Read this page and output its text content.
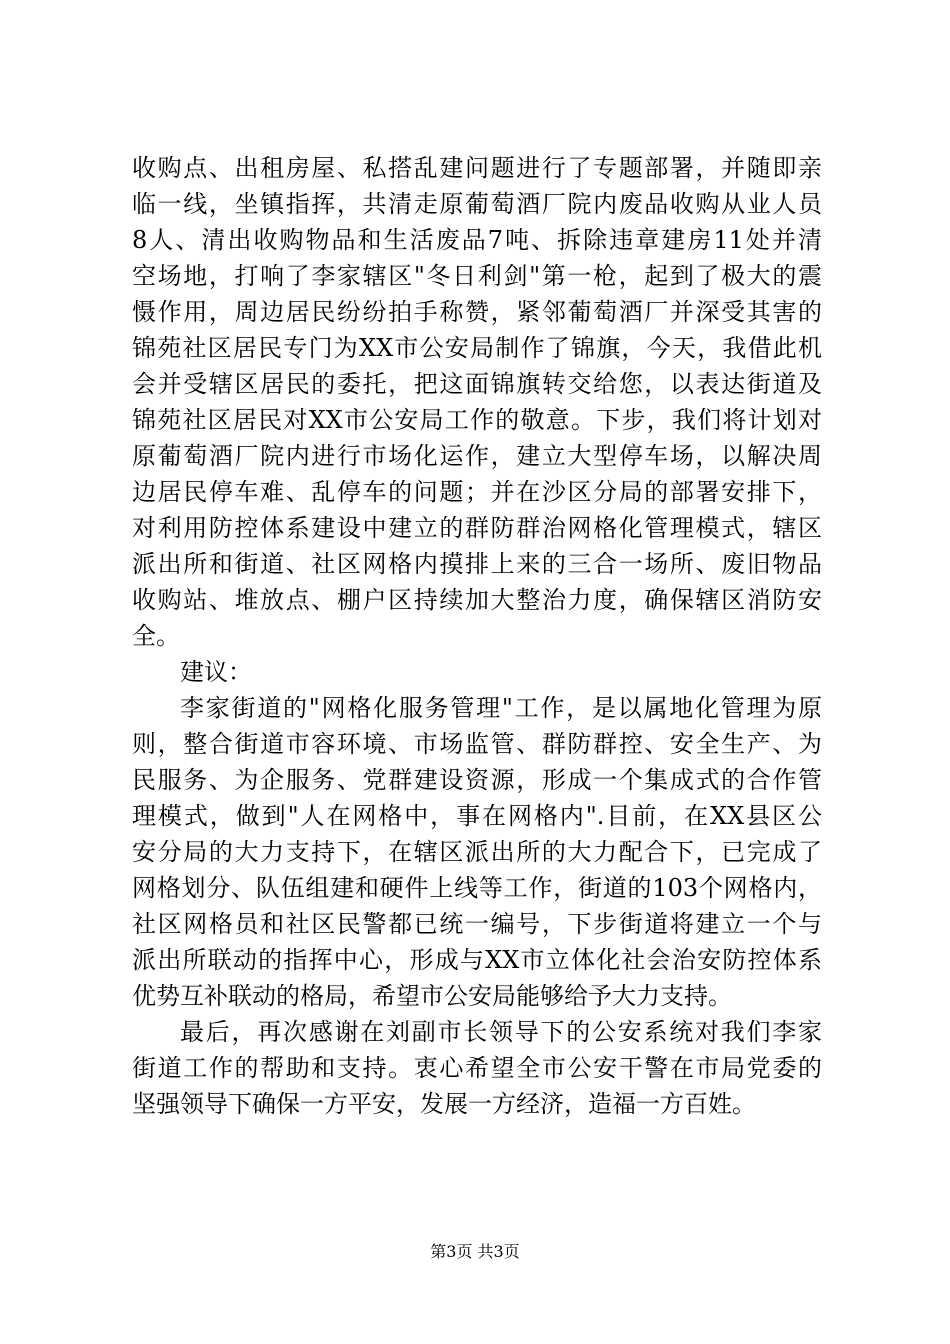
收购点、出租房屋、私搭乱建问题进行了专题部署，并随即亲
临一线，坐镇指挥，共清走原葡萄酒厂院内废品收购从业人员
8人、清出收购物品和生活废品7吨、拆除违章建房11处并清
空场地，打响了李家辖区"冬日利剑"第一枪，起到了极大的震
慑作用，周边居民纷纷拍手称赞，紧邻葡萄酒厂并深受其害的
锦苑社区居民专门为XX市公安局制作了锦旗，今天，我借此机
会并受辖区居民的委托，把这面锦旗转交给您，以表达街道及
锦苑社区居民对XX市公安局工作的敬意。下步，我们将计划对
原葡萄酒厂院内进行市场化运作，建立大型停车场，以解决周
边居民停车难、乱停车的问题；并在沙区分局的部署安排下，
对利用防控体系建设中建立的群防群治网格化管理模式，辖区
派出所和街道、社区网格内摸排上来的三合一场所、废旧物品
收购站、堆放点、棚户区持续加大整治力度，确保辖区消防安
全。
建议：
李家街道的"网格化服务管理"工作，是以属地化管理为原
则，整合街道市容环境、市场监管、群防群控、安全生产、为
民服务、为企服务、党群建设资源，形成一个集成式的合作管
理模式，做到"人在网格中，事在网格内".目前，在XX县区公
安分局的大力支持下，在辖区派出所的大力配合下，已完成了
网格划分、队伍组建和硬件上线等工作，街道的103个网格内，
社区网格员和社区民警都已统一编号，下步街道将建立一个与
派出所联动的指挥中心，形成与XX市立体化社会治安防控体系
优势互补联动的格局，希望市公安局能够给予大力支持。
最后，再次感谢在刘副市长领导下的公安系统对我们李家
街道工作的帮助和支持。衷心希望全市公安干警在市局党委的
坚强领导下确保一方平安，发展一方经济，造福一方百姓。
第3页 共3页
